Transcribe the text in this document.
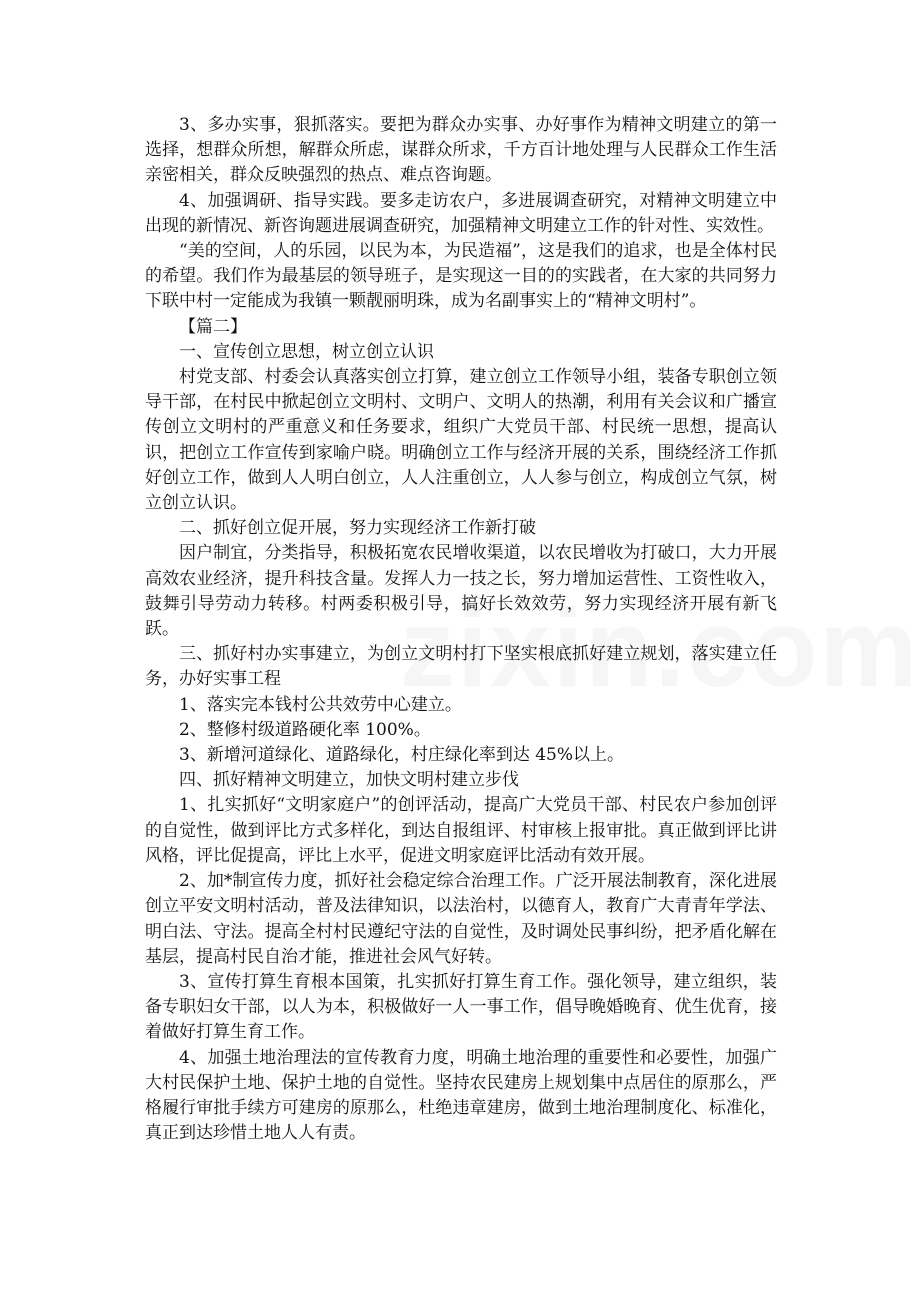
3、多办实事，狠抓落实。要把为群众办实事、办好事作为精神文明建立的第一选择，想群众所想，解群众所虑，谋群众所求，千方百计地处理与人民群众工作生活亲密相关，群众反映强烈的热点、难点咨询题。

4、加强调研、指导实践。要多走访农户，多进展调查研究，对精神文明建立中出现的新情况、新咨询题进展调查研究，加强精神文明建立工作的针对性、实效性。

“美的空间，人的乐园，以民为本，为民造福”，这是我们的追求，也是全体村民的希望。我们作为最基层的领导班子，是实现这一目的的实践者，在大家的共同努力下联中村一定能成为我镇一颗靓丽明珠，成为名副事实上的“精神文明村”。

【篇二】

一、宣传创立思想，树立创立认识

村党支部、村委会认真落实创立打算，建立创立工作领导小组，装备专职创立领导干部，在村民中掀起创立文明村、文明户、文明人的热潮，利用有关会议和广播宣传创立文明村的严重意义和任务要求，组织广大党员干部、村民统一思想，提高认识，把创立工作宣传到家喻户晓。明确创立工作与经济开展的关系，围绕经济工作抓好创立工作，做到人人明白创立，人人注重创立，人人参与创立，构成创立气氛，树立创立认识。

二、抓好创立促开展，努力实现经济工作新打破

因户制宜，分类指导，积极拓宽农民增收渠道，以农民增收为打破口，大力开展高效农业经济，提升科技含量。发挥人力一技之长，努力增加运营性、工资性收入，鼓舞引导劳动力转移。村两委积极引导，搞好长效效劳，努力实现经济开展有新飞跃。

三、抓好村办实事建立，为创立文明村打下坚实根底抓好建立规划，落实建立任务，办好实事工程

1、落实完本钱村公共效劳中心建立。

2、整修村级道路硬化率 100%。

3、新增河道绿化、道路绿化，村庄绿化率到达 45%以上。

四、抓好精神文明建立，加快文明村建立步伐

1、扎实抓好“文明家庭户”的创评活动，提高广大党员干部、村民农户参加创评的自觉性，做到评比方式多样化，到达自报组评、村审核上报审批。真正做到评比讲风格，评比促提高，评比上水平，促进文明家庭评比活动有效开展。

2、加*制宣传力度，抓好社会稳定综合治理工作。广泛开展法制教育，深化进展创立平安文明村活动，普及法律知识，以法治村，以德育人，教育广大青青年学法、明白法、守法。提高全村村民遵纪守法的自觉性，及时调处民事纠纷，把矛盾化解在基层，提高村民自治才能，推进社会风气好转。

3、宣传打算生育根本国策，扎实抓好打算生育工作。强化领导，建立组织，装备专职妇女干部，以人为本，积极做好一人一事工作，倡导晚婚晚育、优生优育，接着做好打算生育工作。

4、加强土地治理法的宣传教育力度，明确土地治理的重要性和必要性，加强广大村民保护土地、保护土地的自觉性。坚持农民建房上规划集中点居住的原那么，严格履行审批手续方可建房的原那么，杜绝违章建房，做到土地治理制度化、标准化，真正到达珍惜土地人人有责。
